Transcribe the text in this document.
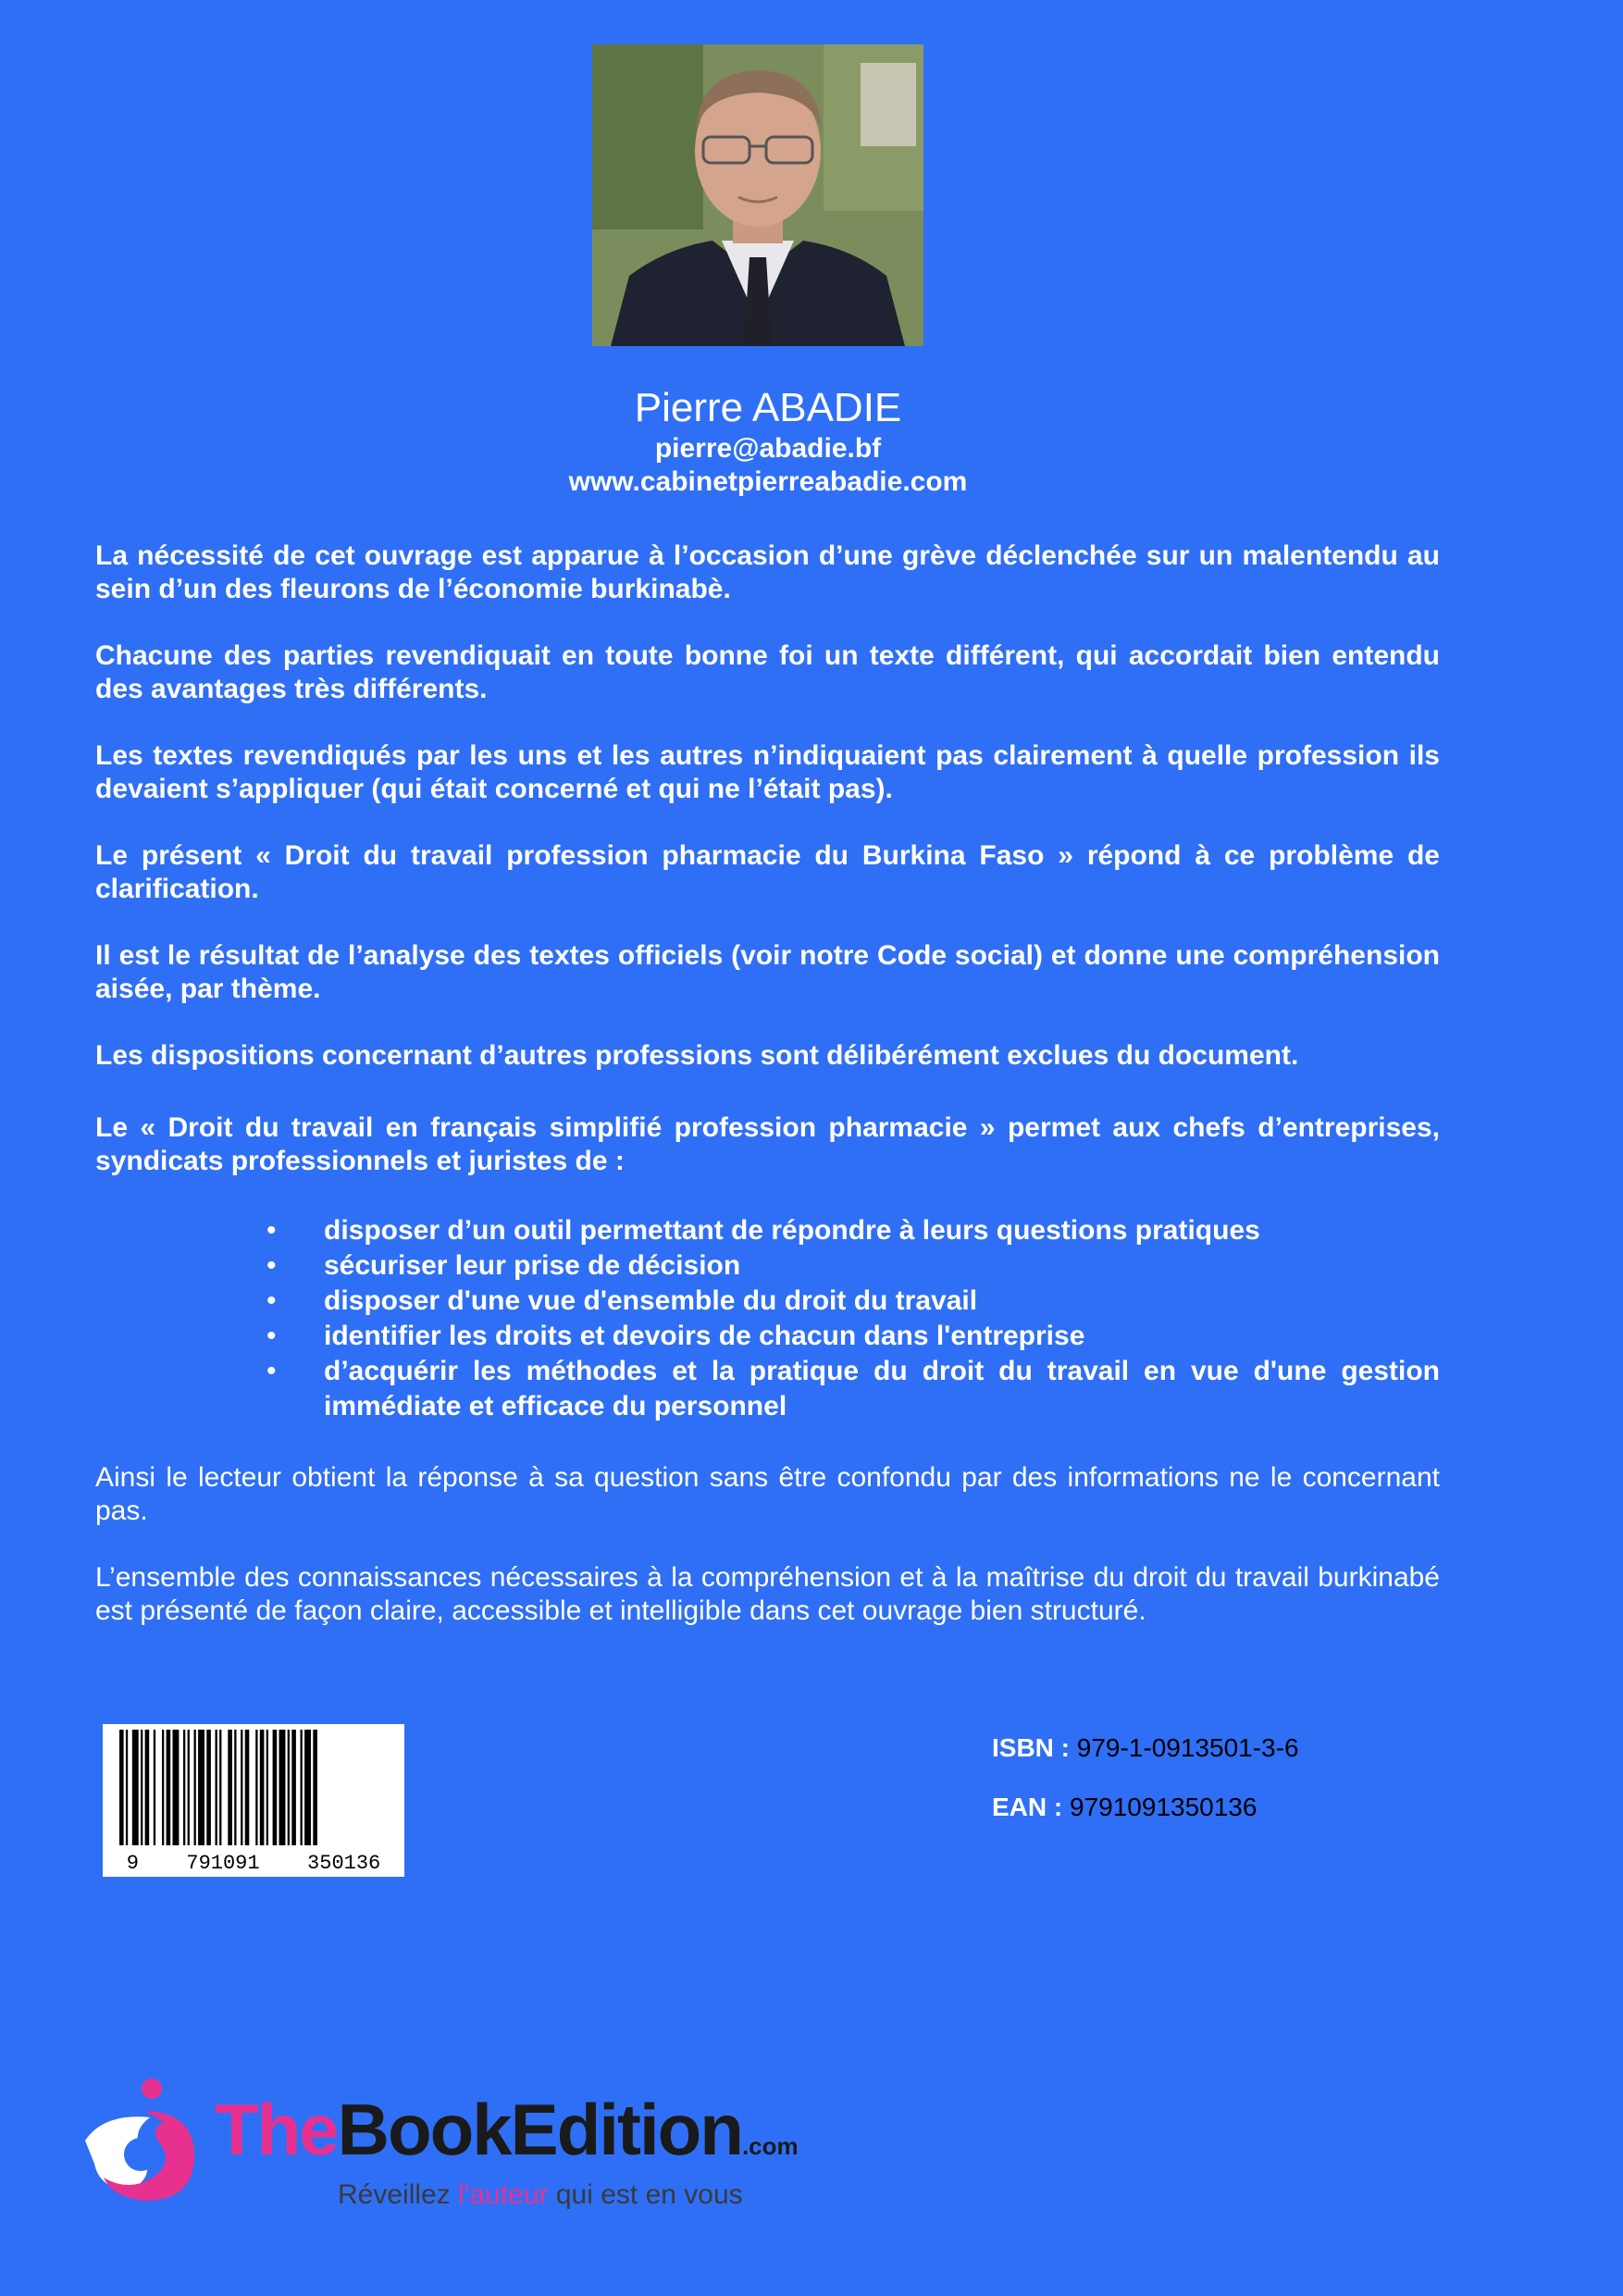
Pierre ABADIE

pierre@abadie.bf

www.cabinetpierreabadie.com

La nécessité de cet ouvrage est apparue à l’occasion d’une grève déclenchée sur un malentendu au sein d’un des fleurons de l’économie burkinabè.

Chacune des parties revendiquait en toute bonne foi un texte différent, qui accordait bien entendu des avantages très différents.

Les textes revendiqués par les uns et les autres n’indiquaient pas clairement à quelle profession ils devaient s’appliquer (qui était concerné et qui ne l’était pas).

Le présent « Droit du travail profession pharmacie du Burkina Faso » répond à ce problème de clarification.

Il est le résultat de l’analyse des textes officiels (voir notre Code social) et donne une compréhension aisée, par thème.

Les dispositions concernant d’autres professions sont délibérément exclues du document.

Le « Droit du travail en français simplifié profession pharmacie » permet aux chefs d’entreprises, syndicats professionnels et juristes de :

• disposer d’un outil permettant de répondre à leurs questions pratiques
• sécuriser leur prise de décision
• disposer d'une vue d'ensemble du droit du travail
• identifier les droits et devoirs de chacun dans l'entreprise
• d’acquérir les méthodes et la pratique du droit du travail en vue d'une gestion immédiate et efficace du personnel

Ainsi le lecteur obtient la réponse à sa question sans être confondu par des informations ne le concernant pas.

L’ensemble des connaissances nécessaires à la compréhension et à la maîtrise du droit du travail burkinabé est présenté de façon claire, accessible et intelligible dans cet ouvrage bien structuré.

9 791091 350136

ISBN : 979-1-0913501-3-6

EAN : 9791091350136

TheBookEdition.com
Réveillez l'auteur qui est en vous
